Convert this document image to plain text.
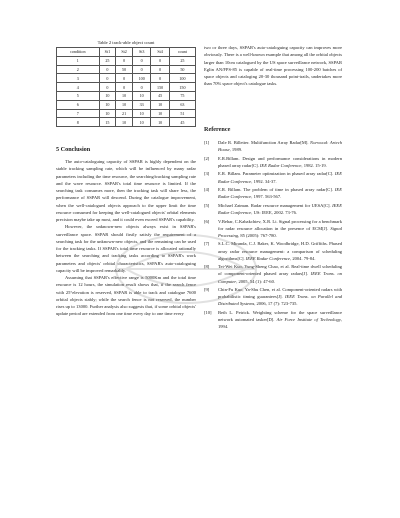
Table 2 track-able object count
condition	St1	St2	St3	St4	count
1	25	0	0	0	25
2	0	50	0	0	50
3	0	0	100	0	100
4	0	0	0	150	150
5	10	10	10	45	75
6	10	10	33	10	63
7	10	21	10	10	51
8	15	10	10	10	45
5 Conclusion

The auto-cataloguing capacity of SSPAR is highly dependent on the stable tracking sampling rate, which will be influenced by many radar parameters including the time resource, the searching/tracking sampling rate and the wave resource. SSPAR's total time resource is limited. If the searching task consumes more, then the tracking task will share less, the performance of SSPAR will descend. During the catalogue improvement, when the well-catalogued objects approach to the upper limit the time resource consumed for keeping the well-catalogued objects' orbital elements precision maybe take up most, and it could even exceed SSPAR's capability.

However, the unknown-new objects always exist in SSPAR's surveillance space. SSPAR should firstly satisfy the requirement of a searching task for the unknown-new objects, and the remaining can be used for the tracking tasks. If SSPAR's total time resource is allocated rationally between the searching and tracking tasks according to SSPAR's work parameters and objects' orbital characteristics, SSPAR's auto-cataloguing capacity will be improved remarkably.

Assuming that SSPAR's effective range is 5000Km and the total time resource is 12 hours, the simulation result shows that, if the search fence with 25°elevation is reserved, SSPAR is able to track and catalogue 7600 orbital objects stably; while the search fence is not reserved, the number rises up to 13000. Further analysis also suggests that, if some orbital objects' update period are extended from one time every day to one time every

two or three days, SSPAR's auto-cataloguing capacity can improves more obviously. There is a well-known example that among all the orbital objects larger than 10cm catalogued by the US space surveillance network, SSPAR Eglin AN/FPS-85 is capable of real-time processing 100-200 batches of space objects and cataloging 20-30 thousand point-trails, undertakes more than 70% space object's catalogue tasks.
Reference
[1]	Dale R. Billetter. Multifunction Array Radar[M]. Norwood: Artech House, 1989.
[2]	E.R.Billam. Design and performance considerations in modern phased array radar[C]. IEE Radar Conference, 1982. 15-19.
[3]	E.R. Billam. Parameter optimization in phased array radar[C]. IEE Radar Conference, 1992. 34-37.
[4]	E.R. Billam. The problem of time in phased array radar[C]. IEE Radar Conference, 1997. 563-567.
[5]	Michael Zatman. Radar resource management for UESA[C]. IEEE Radar Conference, US: IEEE, 2002. 73-76.
[6]	V.Behar, C.Kabakchiev, X.R. Li. Signal processing for a benchmark for radar resource allocation in the presence of ECM[J]. Signal Processing, 85 (2005): 767-780.
[7]	S.L.C. Miranda, C.J. Baker, K. Woodbridge, H.D. Griffiths. Phased array radar resource management: a comparison of scheduling algorithms[C]. IEEE Radar Conference, 2004. 79-84.
[8]	Tei-Wei Kuo, Yung-Sheng Chao, et al. Real-time dwell scheduling of component-oriented phased array radars[J]. IEEE Trans. on Computer, 2005, 54 (1): 47-60.
[9]	Chin-Fu Kuo, Ya-Shu Chen, et al. Component-oriented radars with probabilistic timing guarantees[J]. IEEE Trans. on Parallel and Distributed Systems, 2006, 17 (7): 723-735.
[10]	Beth L. Petrick. Weighting scheme for the space surveillance network automated tasker[D]. Air Force Institute of Technology, 1994.
